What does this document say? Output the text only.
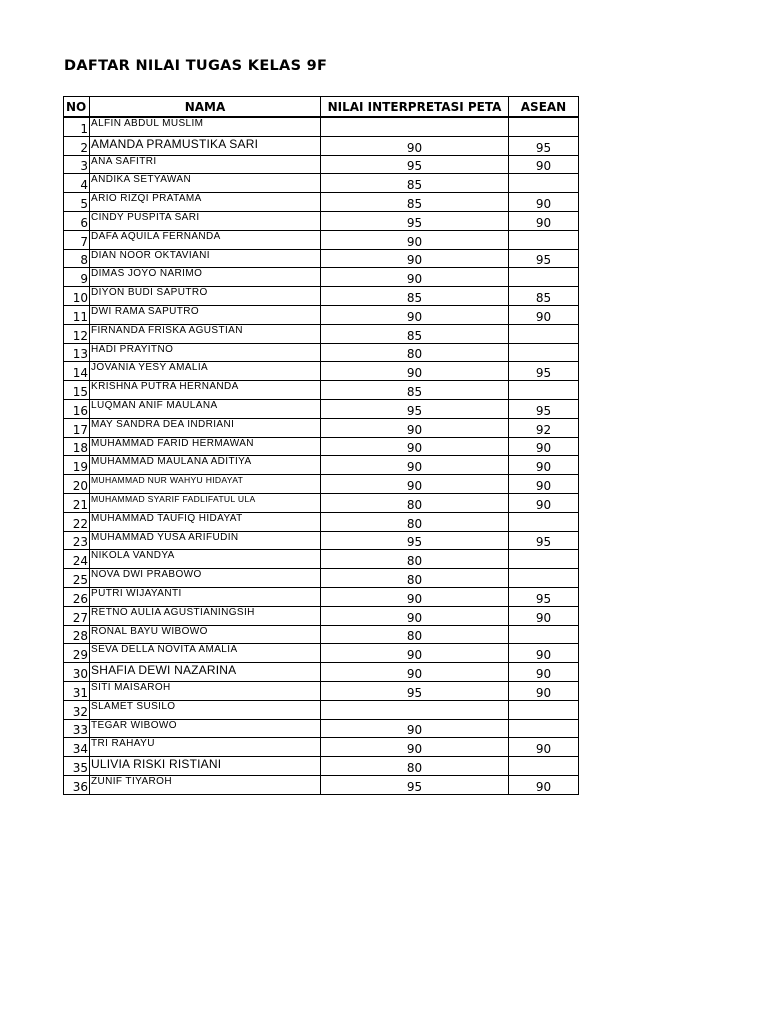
DAFTAR NILAI TUGAS KELAS 9F
NO	NAMA	NILAI INTERPRETASI PETA	ASEAN
1	ALFIN ABDUL MUSLIM		
2	AMANDA PRAMUSTIKA SARI	90	95
3	ANA SAFITRI	95	90
4	ANDIKA SETYAWAN	85	
5	ARIO RIZQI PRATAMA	85	90
6	CINDY PUSPITA SARI	95	90
7	DAFA AQUILA FERNANDA	90	
8	DIAN NOOR OKTAVIANI	90	95
9	DIMAS JOYO NARIMO	90	
10	DIYON BUDI SAPUTRO	85	85
11	DWI RAMA SAPUTRO	90	90
12	FIRNANDA FRISKA AGUSTIAN	85	
13	HADI PRAYITNO	80	
14	JOVANIA YESY AMALIA	90	95
15	KRISHNA PUTRA HERNANDA	85	
16	LUQMAN ANIF MAULANA	95	95
17	MAY SANDRA DEA INDRIANI	90	92
18	MUHAMMAD FARID HERMAWAN	90	90
19	MUHAMMAD MAULANA ADITIYA	90	90
20	MUHAMMAD NUR WAHYU HIDAYAT	90	90
21	MUHAMMAD SYARIF FADLIFATUL ULA	80	90
22	MUHAMMAD TAUFIQ HIDAYAT	80	
23	MUHAMMAD YUSA ARIFUDIN	95	95
24	NIKOLA VANDYA	80	
25	NOVA DWI PRABOWO	80	
26	PUTRI WIJAYANTI	90	95
27	RETNO AULIA AGUSTIANINGSIH	90	90
28	RONAL BAYU WIBOWO	80	
29	SEVA DELLA NOVITA AMALIA	90	90
30	SHAFIA DEWI NAZARINA	90	90
31	SITI MAISAROH	95	90
32	SLAMET SUSILO		
33	TEGAR WIBOWO	90	
34	TRI RAHAYU	90	90
35	ULIVIA RISKI RISTIANI	80	
36	ZUNIF TIYAROH	95	90
